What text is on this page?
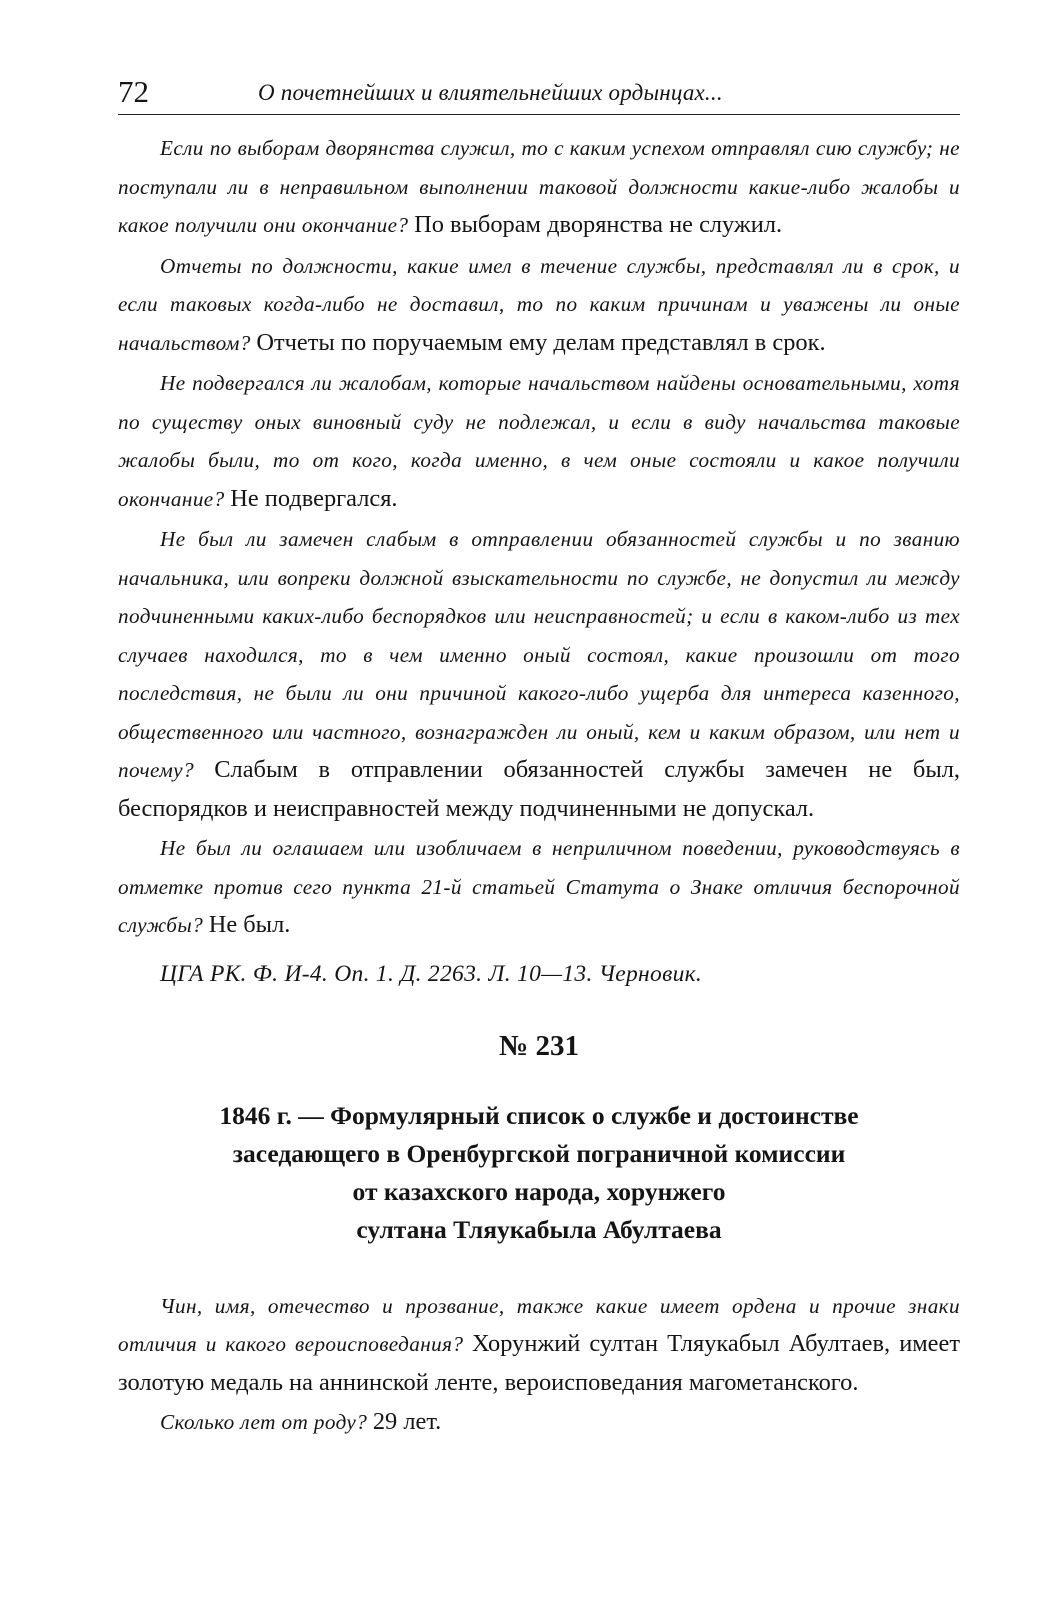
72	О почетнейших и влиятельнейших ордынцах...

Если по выборам дворянства служил, то с каким успехом отправлял сию службу; не поступали ли в неправильном выполнении таковой должности какие-либо жалобы и какое получили они окончание? По выборам дворянства не служил.

Отчеты по должности, какие имел в течение службы, представлял ли в срок, и если таковых когда-либо не доставил, то по каким причинам и уважены ли оные начальством? Отчеты по поручаемым ему делам представлял в срок.

Не подвергался ли жалобам, которые начальством найдены основательными, хотя по существу оных виновный суду не подлежал, и если в виду начальства таковые жалобы были, то от кого, когда именно, в чем оные состояли и какое получили окончание? Не подвергался.

Не был ли замечен слабым в отправлении обязанностей службы и по званию начальника, или вопреки должной взыскательности по службе, не допустил ли между подчиненными каких-либо беспорядков или неисправностей; и если в каком-либо из тех случаев находился, то в чем именно оный состоял, какие произошли от того последствия, не были ли они причиной какого-либо ущерба для интереса казенного, общественного или частного, вознагражден ли оный, кем и каким образом, или нет и почему? Слабым в отправлении обязанностей службы замечен не был, беспорядков и неисправностей между подчиненными не допускал.

Не был ли оглашаем или изобличаем в неприличном поведении, руководствуясь в отметке против сего пункта 21-й статьей Статута о Знаке отличия беспорочной службы? Не был.

ЦГА РК. Ф. И-4. Оп. 1. Д. 2263. Л. 10—13. Черновик.
№ 231
1846 г. — Формулярный список о службе и достоинстве
заседающего в Оренбургской пограничной комиссии
от казахского народа, хорунжего
султана Тляукабыла Абултаева

Чин, имя, отечество и прозвание, также какие имеет ордена и прочие знаки отличия и какого вероисповедания? Хорунжий султан Тляукабыл Абултаев, имеет золотую медаль на аннинской ленте, вероисповедания магометанского.

Сколько лет от роду? 29 лет.
